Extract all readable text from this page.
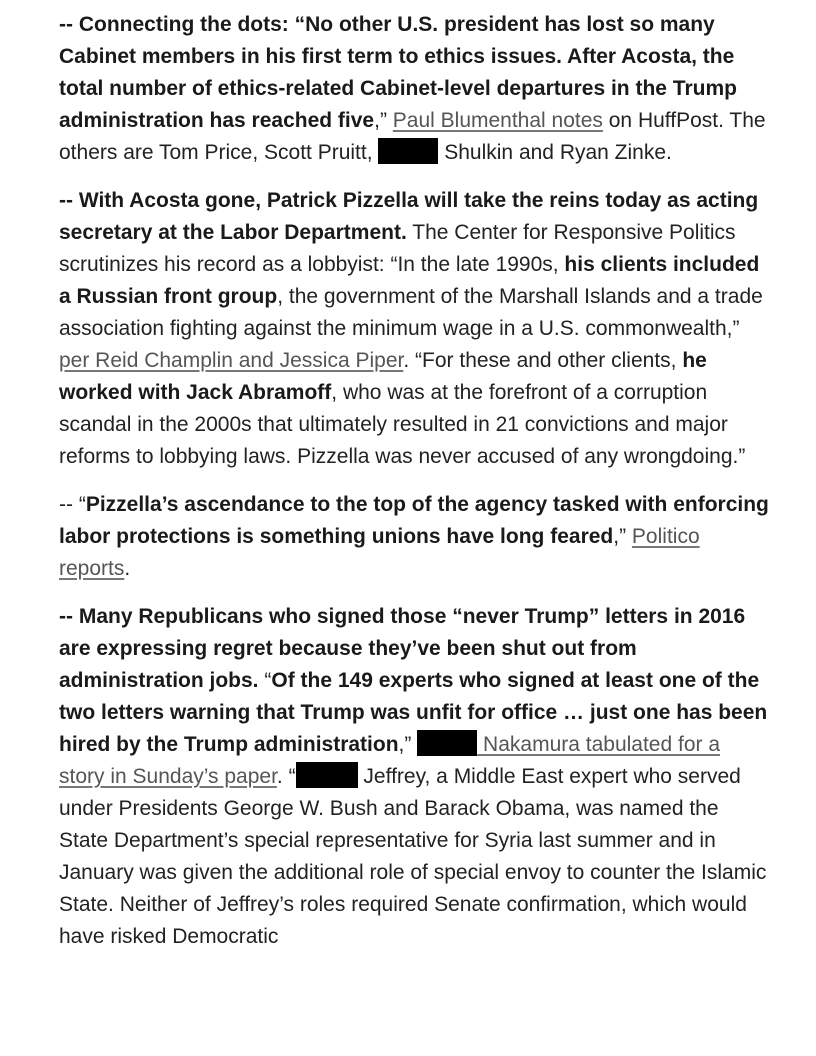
-- Connecting the dots: “No other U.S. president has lost so many Cabinet members in his first term to ethics issues. After Acosta, the total number of ethics-related Cabinet-level departures in the Trump administration has reached five,” Paul Blumenthal notes on HuffPost. The others are Tom Price, Scott Pruitt,	Shulkin and Ryan Zinke.

-- With Acosta gone, Patrick Pizzella will take the reins today as acting secretary at the Labor Department. The Center for Responsive Politics scrutinizes his record as a lobbyist: “In the late 1990s, his clients included a Russian front group, the government of the Marshall Islands and a trade association fighting against the minimum wage in a U.S. commonwealth,” per Reid Champlin and Jessica Piper. “For these and other clients, he worked with Jack Abramoff, who was at the forefront of a corruption scandal in the 2000s that ultimately resulted in 21 convictions and major reforms to lobbying laws. Pizzella was never accused of any wrongdoing.”

-- “Pizzella’s ascendance to the top of the agency tasked with enforcing labor protections is something unions have long feared,” Politico reports.

-- Many Republicans who signed those “never Trump” letters in 2016 are expressing regret because they’ve been shut out from administration jobs. “Of the 149 experts who signed at least one of the two letters warning that Trump was unfit for office … just one has been hired by the Trump administration,”	Nakamura tabulated for a story in Sunday’s paper. “	Jeffrey, a Middle East expert who served under Presidents George W. Bush and Barack Obama, was named the State Department’s special representative for Syria last summer and in January was given the additional role of special envoy to counter the Islamic State. Neither of Jeffrey’s roles required Senate confirmation, which would have risked Democratic
